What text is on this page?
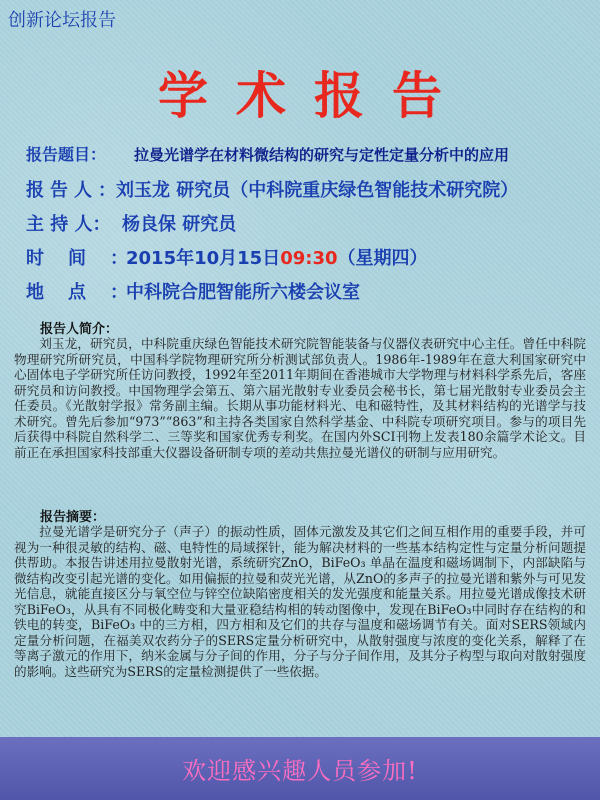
创新论坛报告
学术报告
报告题目： 拉曼光谱学在材料微结构的研究与定性定量分析中的应用
报告人：刘玉龙 研究员（中科院重庆绿色智能技术研究院）
主 持 人： 杨良保 研究员
时间：2015年10月15日09:30（星期四）
地点：中科院合肥智能所六楼会议室
报告人简介：
刘玉龙，研究员，中科院重庆绿色智能技术研究院智能装备与仪器仪表研究中心主任。曾任中科院物理研究所研究员，中国科学院物理研究所分析测试部负责人。1986年-1989年在意大利国家研究中心固体电子学研究所任访问教授，1992年至2011年期间在香港城市大学物理与材料科学系先后，客座研究员和访问教授。中国物理学会第五、第六届光散射专业委员会秘书长，第七届光散射专业委员会主任委员。《光散射学报》常务副主编。长期从事功能材料光、电和磁特性，及其材料结构的光谱学与技术研究。曾先后参加“973”“863”和主持各类国家自然科学基金、中科院专项研究项目。参与的项目先后获得中科院自然科学二、三等奖和国家优秀专利奖。在国内外SCI刊物上发表180余篇学术论文。目前正在承担国家科技部重大仪器设备研制专项的差动共焦拉曼光谱仪的研制与应用研究。
报告摘要：
拉曼光谱学是研究分子（声子）的振动性质，固体元激发及其它们之间互相作用的重要手段，并可视为一种很灵敏的结构、磁、电特性的局域探针，能为解决材料的一些基本结构定性与定量分析问题提供帮助。本报告讲述用拉曼散射光谱，系统研究ZnO，BiFeO₃ 单晶在温度和磁场调制下，内部缺陷与微结构改变引起光谱的变化。如用偏振的拉曼和荧光光谱，从ZnO的多声子的拉曼光谱和紫外与可见发光信息，就能直接区分与氧空位与锌空位缺陷密度相关的发光强度和能量关系。用拉曼光谱成像技术研究BiFeO₃，从具有不同极化畴变和大量亚稳结构相的转动图像中，发现在BiFeO₃中同时存在结构的和铁电的转变，BiFeO₃ 中的三方相，四方相和及它们的共存与温度和磁场调节有关。面对SERS领域内定量分析问题，在福美双农药分子的SERS定量分析研究中，从散射强度与浓度的变化关系，解释了在等离子激元的作用下，纳米金属与分子间的作用，分子与分子间作用，及其分子构型与取向对散射强度的影响。这些研究为SERS的定量检测提供了一些依据。
欢迎感兴趣人员参加!
